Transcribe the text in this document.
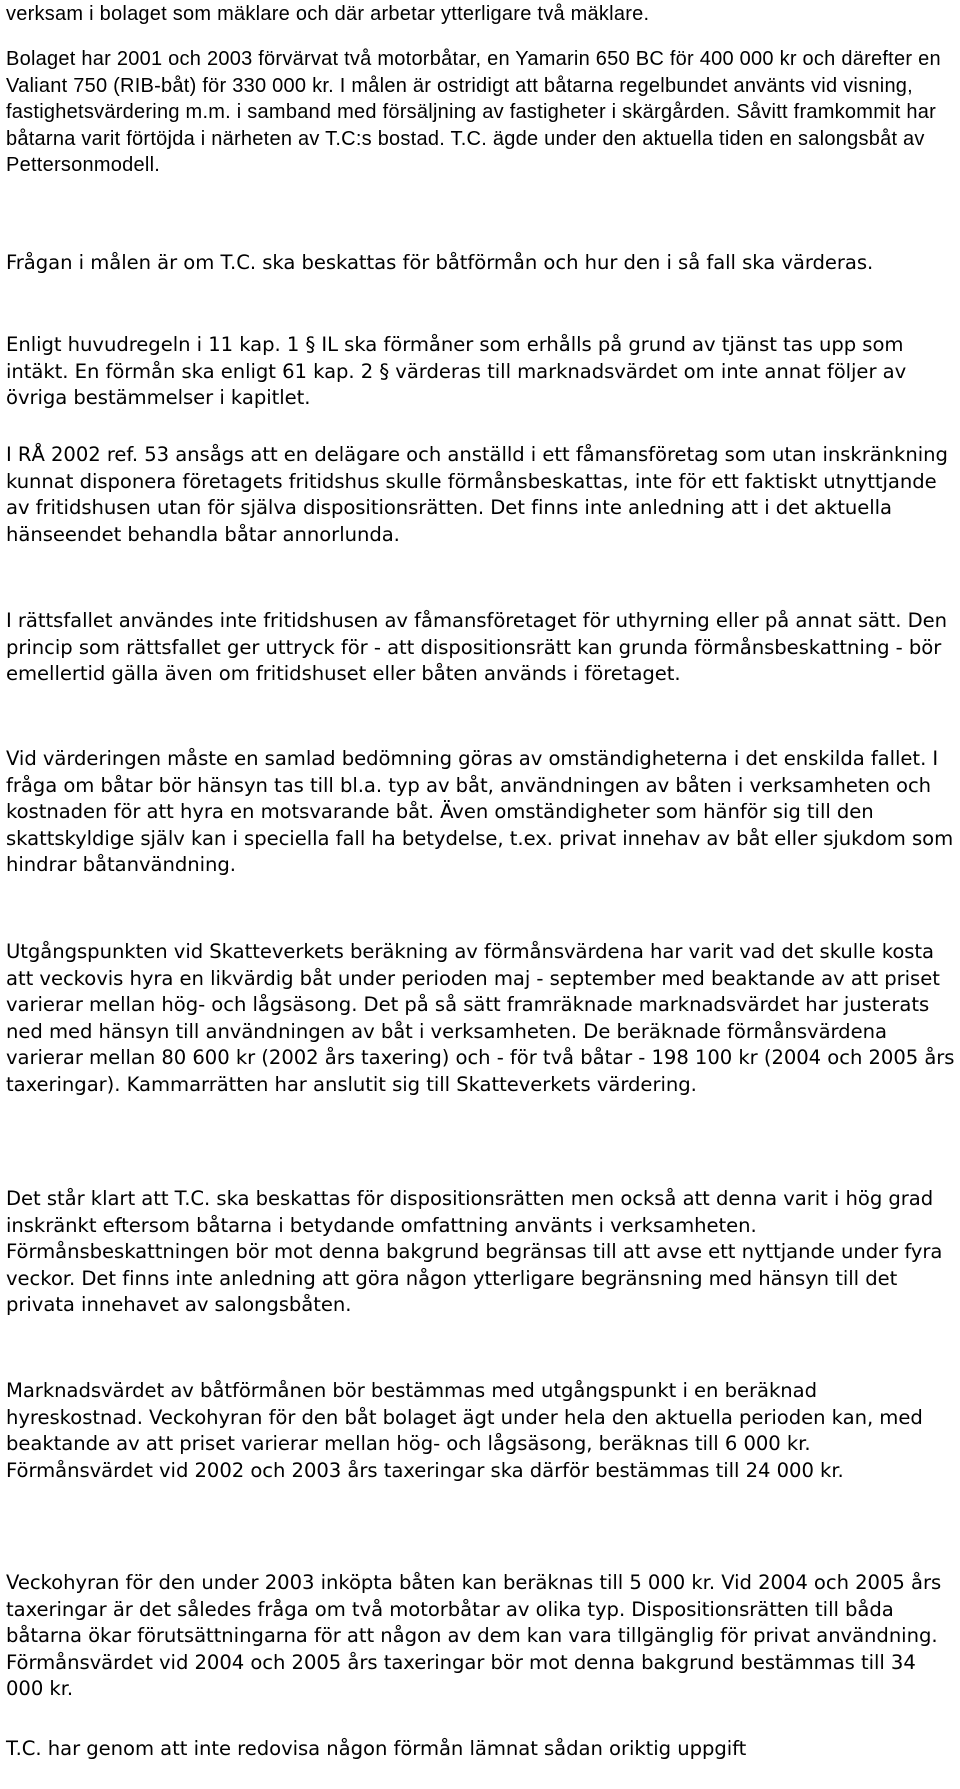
verksam i bolaget som mäklare och där arbetar ytterligare två mäklare.

Bolaget har 2001 och 2003 förvärvat två motorbåtar, en Yamarin 650 BC för 400 000 kr och därefter en Valiant 750 (RIB-båt) för 330 000 kr. I målen är ostridigt att båtarna regelbundet använts vid visning, fastighetsvärdering m.m. i samband med försäljning av fastigheter i skärgården. Såvitt framkommit har båtarna varit förtöjda i närheten av T.C:s bostad. T.C. ägde under den aktuella tiden en salongsbåt av Pettersonmodell.

Frågan i målen är om T.C. ska beskattas för båtförmån och hur den i så fall ska värderas.

Enligt huvudregeln i 11 kap. 1 § IL ska förmåner som erhålls på grund av tjänst tas upp som intäkt. En förmån ska enligt 61 kap. 2 § värderas till marknadsvärdet om inte annat följer av övriga bestämmelser i kapitlet.

I RÅ 2002 ref. 53 ansågs att en delägare och anställd i ett fåmansföretag som utan inskränkning kunnat disponera företagets fritidshus skulle förmånsbeskattas, inte för ett faktiskt utnyttjande av fritidshusen utan för själva dispositionsrätten. Det finns inte anledning att i det aktuella hänseendet behandla båtar annorlunda.

I rättsfallet användes inte fritidshusen av fåmansföretaget för uthyrning eller på annat sätt. Den princip som rättsfallet ger uttryck för - att dispositionsrätt kan grunda förmånsbeskattning - bör emellertid gälla även om fritidshuset eller båten används i företaget.

Vid värderingen måste en samlad bedömning göras av omständigheterna i det enskilda fallet. I fråga om båtar bör hänsyn tas till bl.a. typ av båt, användningen av båten i verksamheten och kostnaden för att hyra en motsvarande båt. Även omständigheter som hänför sig till den skattskyldige själv kan i speciella fall ha betydelse, t.ex. privat innehav av båt eller sjukdom som hindrar båtanvändning.

Utgångspunkten vid Skatteverkets beräkning av förmånsvärdena har varit vad det skulle kosta att veckovis hyra en likvärdig båt under perioden maj - september med beaktande av att priset varierar mellan hög- och lågsäsong. Det på så sätt framräknade marknadsvärdet har justerats ned med hänsyn till användningen av båt i verksamheten. De beräknade förmånsvärdena varierar mellan 80 600 kr (2002 års taxering) och - för två båtar - 198 100 kr (2004 och 2005 års taxeringar). Kammarrätten har anslutit sig till Skatteverkets värdering.

Det står klart att T.C. ska beskattas för dispositionsrätten men också att denna varit i hög grad inskränkt eftersom båtarna i betydande omfattning använts i verksamheten. Förmånsbeskattningen bör mot denna bakgrund begränsas till att avse ett nyttjande under fyra veckor. Det finns inte anledning att göra någon ytterligare begränsning med hänsyn till det privata innehavet av salongsbåten.

Marknadsvärdet av båtförmånen bör bestämmas med utgångspunkt i en beräknad hyreskostnad. Veckohyran för den båt bolaget ägt under hela den aktuella perioden kan, med beaktande av att priset varierar mellan hög- och lågsäsong, beräknas till 6 000 kr. Förmånsvärdet vid 2002 och 2003 års taxeringar ska därför bestämmas till 24 000 kr.

Veckohyran för den under 2003 inköpta båten kan beräknas till 5 000 kr. Vid 2004 och 2005 års taxeringar är det således fråga om två motorbåtar av olika typ. Dispositionsrätten till båda båtarna ökar förutsättningarna för att någon av dem kan vara tillgänglig för privat användning. Förmånsvärdet vid 2004 och 2005 års taxeringar bör mot denna bakgrund bestämmas till 34 000 kr.

T.C. har genom att inte redovisa någon förmån lämnat sådan oriktig uppgift
